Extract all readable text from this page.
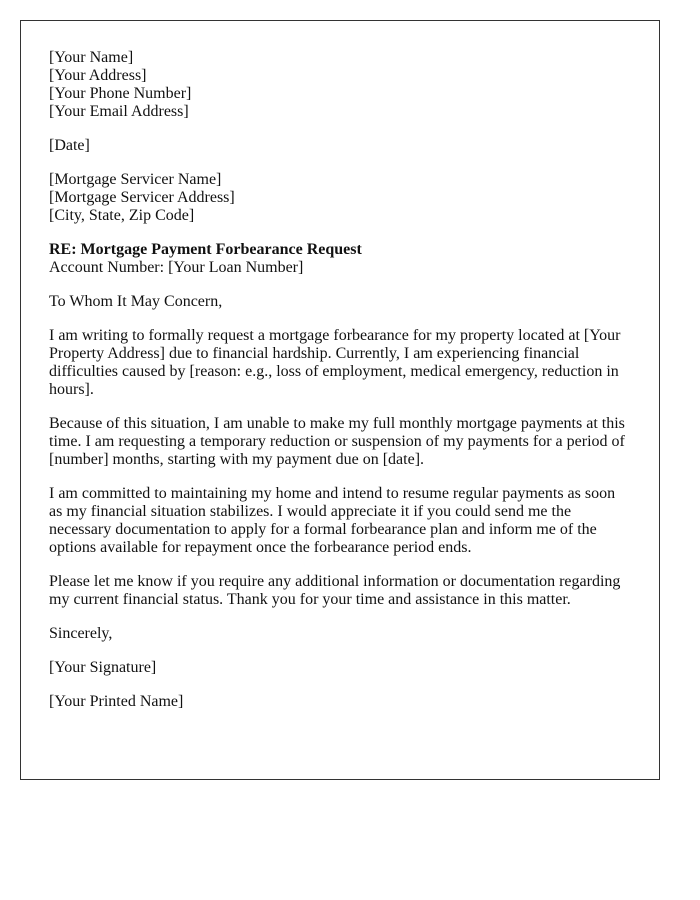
[Your Name]
[Your Address]
[Your Phone Number]
[Your Email Address]
[Date]
[Mortgage Servicer Name]
[Mortgage Servicer Address]
[City, State, Zip Code]
RE: Mortgage Payment Forbearance Request
Account Number: [Your Loan Number]

To Whom It May Concern,

I am writing to formally request a mortgage forbearance for my property located at [Your Property Address] due to financial hardship. Currently, I am experiencing financial difficulties caused by [reason: e.g., loss of employment, medical emergency, reduction in hours].

Because of this situation, I am unable to make my full monthly mortgage payments at this time. I am requesting a temporary reduction or suspension of my payments for a period of [number] months, starting with my payment due on [date].

I am committed to maintaining my home and intend to resume regular payments as soon as my financial situation stabilizes. I would appreciate it if you could send me the necessary documentation to apply for a formal forbearance plan and inform me of the options available for repayment once the forbearance period ends.

Please let me know if you require any additional information or documentation regarding my current financial status. Thank you for your time and assistance in this matter.

Sincerely,

[Your Signature]

[Your Printed Name]
